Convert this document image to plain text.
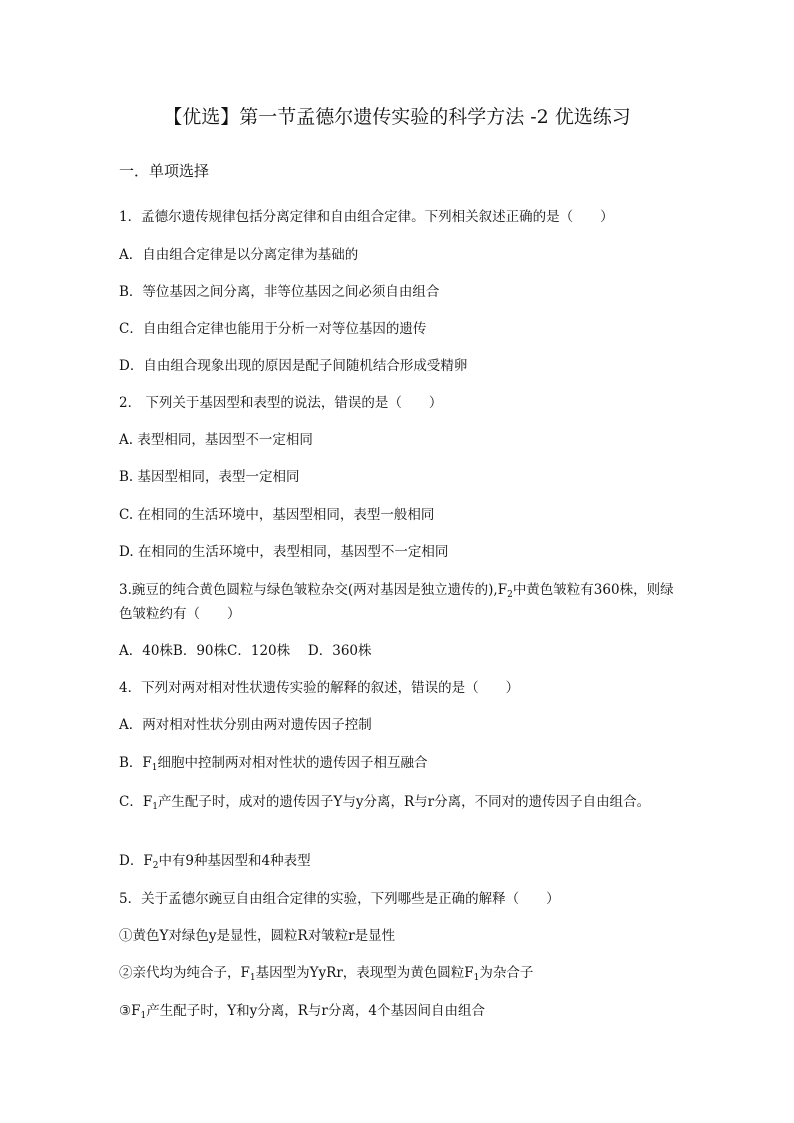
【优选】第一节孟德尔遗传实验的科学方法 -2 优选练习
一．单项选择
1．孟德尔遗传规律包括分离定律和自由组合定律。下列相关叙述正确的是（　　）
A．自由组合定律是以分离定律为基础的
B．等位基因之间分离，非等位基因之间必须自由组合
C．自由组合定律也能用于分析一对等位基因的遗传
D．自由组合现象出现的原因是配子间随机结合形成受精卵
2． 下列关于基因型和表型的说法，错误的是（　　）
A. 表型相同，基因型不一定相同
B. 基因型相同，表型一定相同
C. 在相同的生活环境中，基因型相同，表型一般相同
D. 在相同的生活环境中，表型相同，基因型不一定相同
3.豌豆的纯合黄色圆粒与绿色皱粒杂交(两对基因是独立遗传的)$,F_2$中黄色皱粒有360株，则绿色皱粒约有（　　）
A．40株B．90株C．120株　 D．360株
4．下列对两对相对性状遗传实验的解释的叙述，错误的是（　　）
A．两对相对性状分别由两对遗传因子控制
B．$F_1$细胞中控制两对相对性状的遗传因子相互融合
C．$F_1$产生配子时，成对的遗传因子Y与y分离，R与r分离，不同对的遗传因子自由组合。
D．$F_2$中有9种基因型和4种表型
5．关于孟德尔豌豆自由组合定律的实验，下列哪些是正确的解释（　　）
①黄色Y对绿色y是显性，圆粒R对皱粒r是显性
②亲代均为纯合子，$F_1$基因型为YyRr，表现型为黄色圆粒$F_1$为杂合子
$③F_1$产生配子时，Y和y分离，R与r分离，4个基因间自由组合
